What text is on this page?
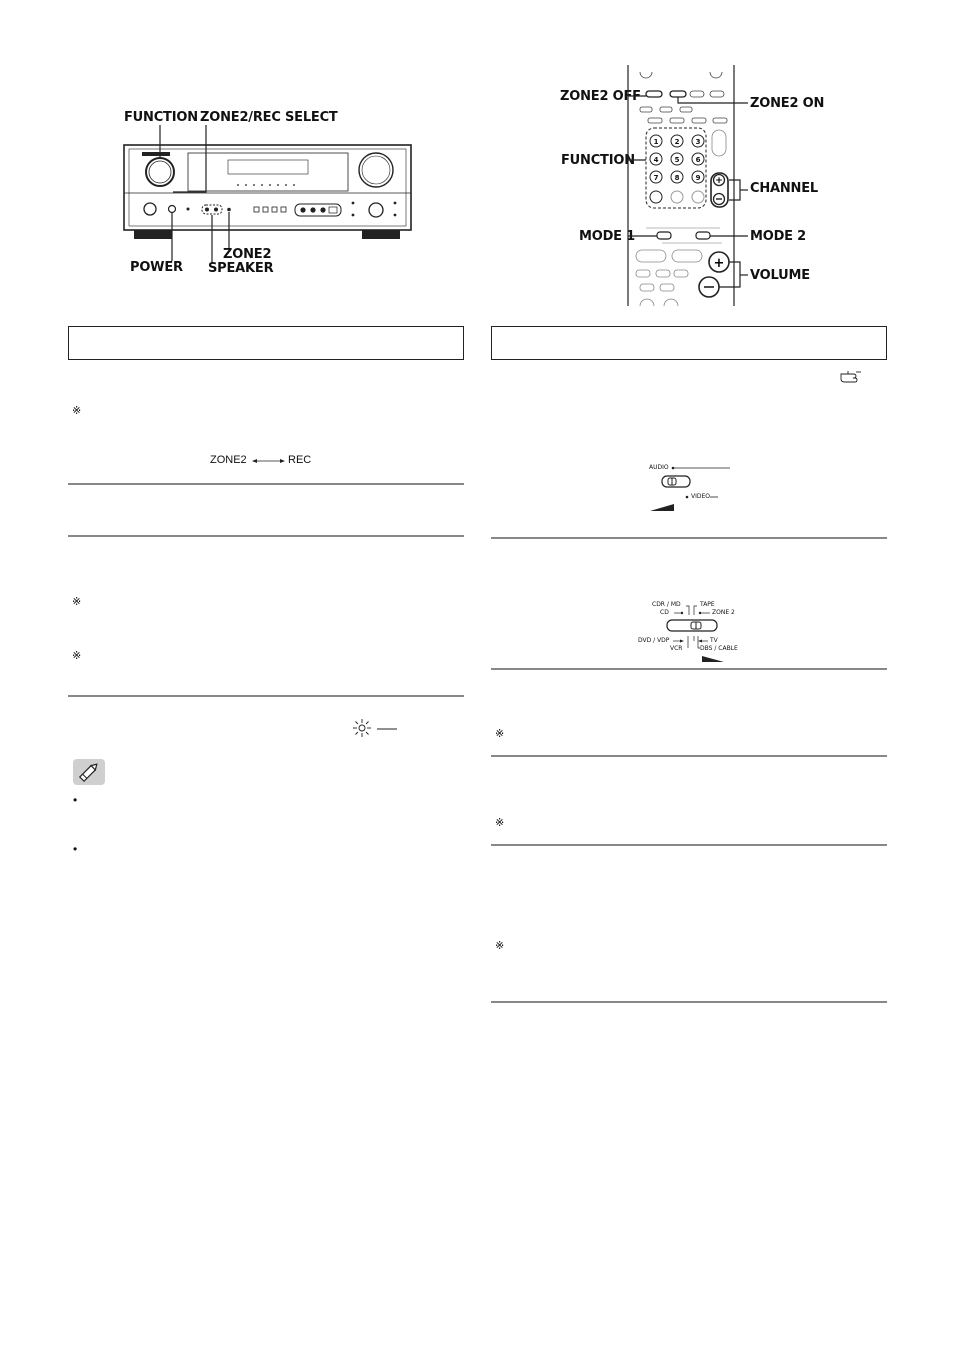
FUNCTION ZONE2/REC SELECT
POWER
ZONE2
SPEAKER
ZONE2 OFF	ZONE2 ON
FUNCTION
CHANNEL
MODE 1	MODE 2
VOLUME
1 2 3
4 5 6
7 8 9 +
+
※
ZONE2	REC
※
※
•
•
AUDIO
VIDEO
CDR / MD
CD
TAPE
ZONE 2
DVD / VDP
VCR
TV
DBS / CABLE
※
※
※
